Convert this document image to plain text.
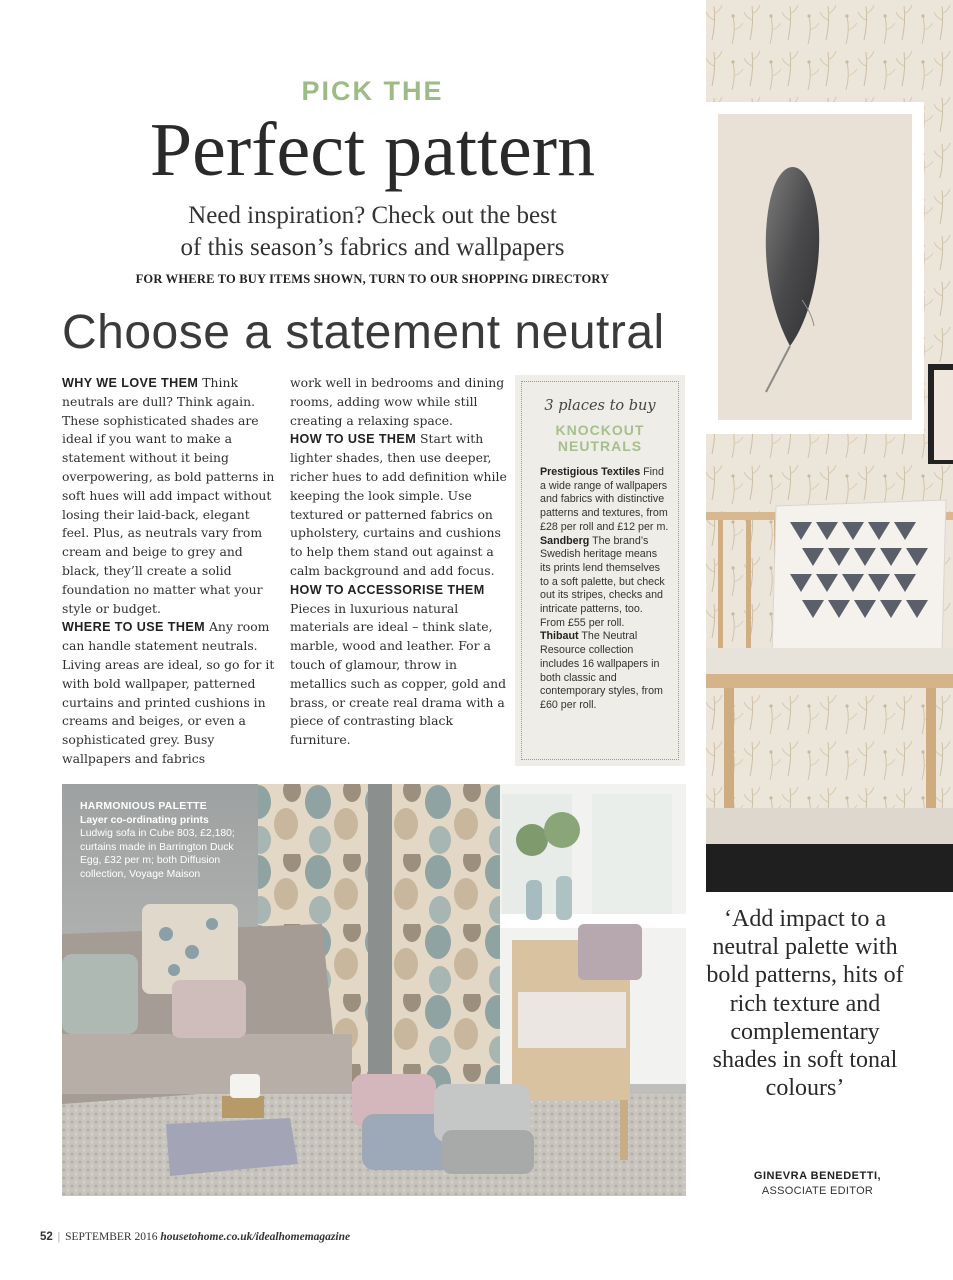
PICK THE
Perfect pattern
Need inspiration? Check out the best
of this season’s fabrics and wallpapers
FOR WHERE TO BUY ITEMS SHOWN, TURN TO OUR SHOPPING DIRECTORY
Choose a statement neutral

WHY WE LOVE THEM Think neutrals are dull? Think again. These sophisticated shades are ideal if you want to make a statement without it being overpowering, as bold patterns in soft hues will add impact without losing their laid-back, elegant feel. Plus, as neutrals vary from cream and beige to grey and black, they’ll create a solid foundation no matter what your style or budget.

WHERE TO USE THEM Any room can handle statement neutrals. Living areas are ideal, so go for it with bold wallpaper, patterned curtains and printed cushions in creams and beiges, or even a sophisticated grey. Busy wallpapers and fabrics

work well in bedrooms and dining rooms, adding wow while still creating a relaxing space.

HOW TO USE THEM Start with lighter shades, then use deeper, richer hues to add definition while keeping the look simple. Use textured or patterned fabrics on upholstery, curtains and cushions to help them stand out against a calm background and add focus.

HOW TO ACCESSORISE THEM Pieces in luxurious natural materials are ideal – think slate, marble, wood and leather. For a touch of glamour, throw in metallics such as copper, gold and brass, or create real drama with a piece of contrasting black furniture.

3 places to buy
KNOCKOUT
NEUTRALS

Prestigious Textiles Find a wide range of wallpapers and fabrics with distinctive patterns and textures, from £28 per roll and £12 per m.

Sandberg The brand’s Swedish heritage means its prints lend themselves to a soft palette, but check out its stripes, checks and intricate patterns, too. From £55 per roll.

Thibaut The Neutral Resource collection includes 16 wallpapers in both classic and contemporary styles, from £60 per roll.

HARMONIOUS PALETTE

Layer co-ordinating prints

Ludwig sofa in Cube 803, £2,180; curtains made in Barrington Duck Egg, £32 per m; both Diffusion collection, Voyage Maison

‘Add impact to a neutral palette with bold patterns, hits of rich texture and complementary shades in soft tonal colours’
GINEVRA BENEDETTI,
ASSOCIATE EDITOR
52 | SEPTEMBER 2016 housetohome.co.uk/idealhomemagazine
